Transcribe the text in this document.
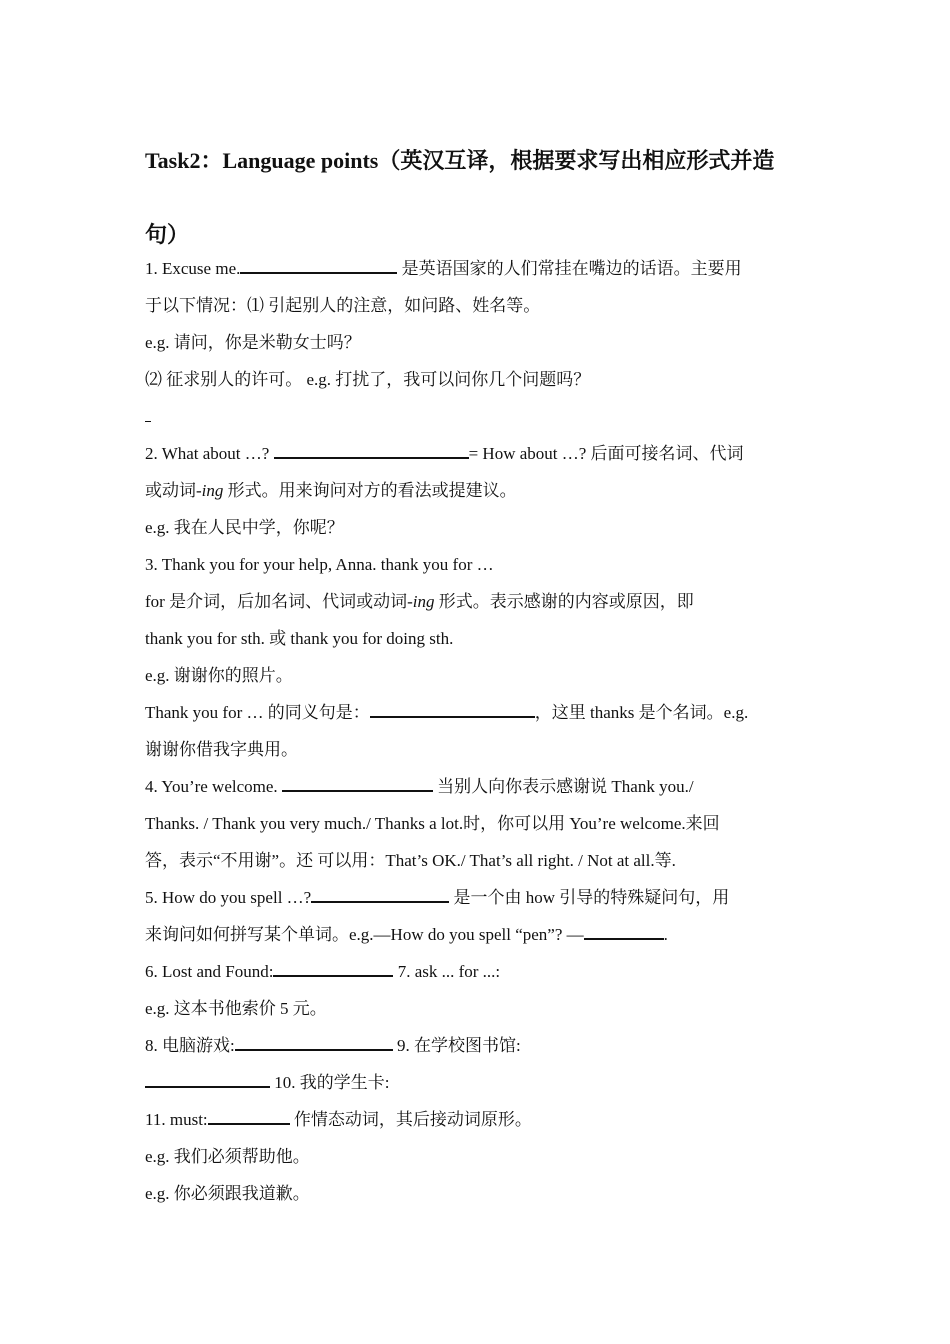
Task2：Language points（英汉互译，根据要求写出相应形式并造
句）
1. Excuse me.	是英语国家的人们常挂在嘴边的话语。主要用
于以下情况：⑴ 引起别人的注意，如问路、姓名等。
e.g. 请问，你是米勒女士吗？
⑵ 征求别人的许可。 e.g. 打扰了，我可以问你几个问题吗？
2. What about …?	= How about …? 后面可接名词、代词
或动词-ing 形式。用来询问对方的看法或提建议。
e.g. 我在人民中学，你呢？
3. Thank you for your help, Anna. thank you for …
for 是介词，后加名词、代词或动词-ing 形式。表示感谢的内容或原因，即
thank you for sth. 或 thank you for doing sth.
e.g. 谢谢你的照片。
Thank you for … 的同义句是：	，这里 thanks 是个名词。e.g.
谢谢你借我字典用。
4. You’re welcome.	当别人向你表示感谢说 Thank you./
Thanks. / Thank you very much./ Thanks a lot.时，你可以用 You’re welcome.来回
答，表示“不用谢”。还 可以用：That’s OK./ That’s all right. / Not at all.等.
5. How do you spell …?	是一个由 how 引导的特殊疑问句，用
来询问如何拼写某个单词。e.g.—How do you spell “pen”? —	.
6. Lost and Found:	7. ask ... for ...:
e.g. 这本书他索价 5 元。
8. 电脑游戏:	9. 在学校图书馆:
10. 我的学生卡:
11. must:	作情态动词，其后接动词原形。
e.g. 我们必须帮助他。
e.g. 你必须跟我道歉。
